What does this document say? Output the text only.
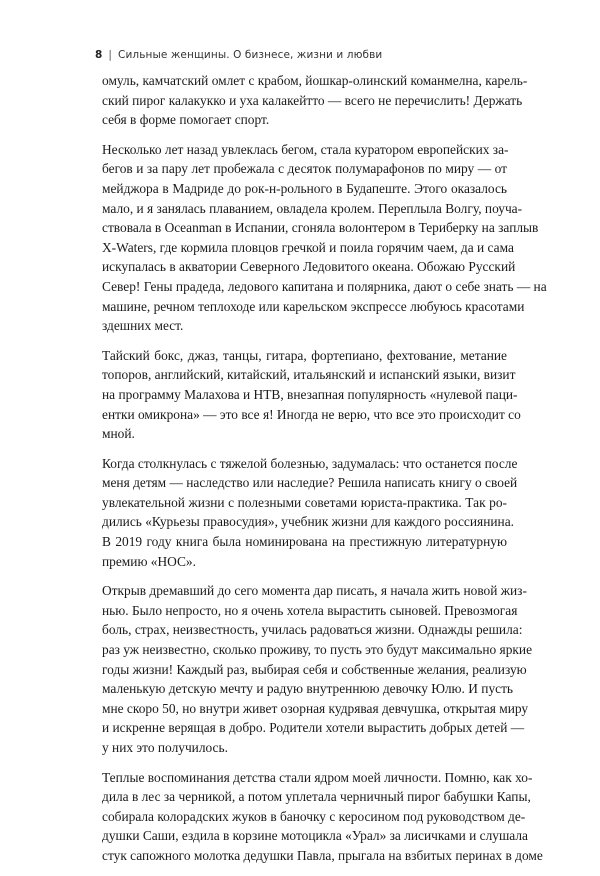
8 | Сильные женщины. О бизнесе, жизни и любви

омуль, камчатский омлет с крабом, йошкар-олинский команмелна, карель-
ский пирог калакукко и уха калакейтто — всего не перечислить! Держать
себя в форме помогает спорт.

Несколько лет назад увлеклась бегом, стала куратором европейских за-
бегов и за пару лет пробежала с десяток полумарафонов по миру — от
мейджора в Мадриде до рок-н-рольного в Будапеште. Этого оказалось
мало, и я занялась плаванием, овладела кролем. Переплыла Волгу, поуча-
ствовала в Oceanman в Испании, сгоняла волонтером в Териберку на заплыв
X-Waters, где кормила пловцов гречкой и поила горячим чаем, да и сама
искупалась в акватории Северного Ледовитого океана. Обожаю Русский
Север! Гены прадеда, ледового капитана и полярника, дают о себе знать — на
машине, речном теплоходе или карельском экспрессе любуюсь красотами
здешних мест.

Тайский бокс, джаз, танцы, гитара, фортепиано, фехтование, метание
топоров, английский, китайский, итальянский и испанский языки, визит
на программу Малахова и НТВ, внезапная популярность «нулевой паци-
ентки омикрона» — это все я! Иногда не верю, что все это происходит со
мной.

Когда столкнулась с тяжелой болезнью, задумалась: что останется после
меня детям — наследство или наследие? Решила написать книгу о своей
увлекательной жизни с полезными советами юриста-практика. Так ро-
дились «Курьезы правосудия», учебник жизни для каждого россиянина.
В 2019 году книга была номинирована на престижную литературную
премию «НОС».

Открыв дремавший до сего момента дар писать, я начала жить новой жиз-
нью. Было непросто, но я очень хотела вырастить сыновей. Превозмогая
боль, страх, неизвестность, училась радоваться жизни. Однажды решила:
раз уж неизвестно, сколько проживу, то пусть это будут максимально яркие
годы жизни! Каждый раз, выбирая себя и собственные желания, реализую
маленькую детскую мечту и радую внутреннюю девочку Юлю. И пусть
мне скоро 50, но внутри живет озорная кудрявая девчушка, открытая миру
и искренне верящая в добро. Родители хотели вырастить добрых детей —
у них это получилось.

Теплые воспоминания детства стали ядром моей личности. Помню, как хо-
дила в лес за черникой, а потом уплетала черничный пирог бабушки Капы,
собирала колорадских жуков в баночку с керосином под руководством де-
душки Саши, ездила в корзине мотоцикла «Урал» за лисичками и слушала
стук сапожного молотка дедушки Павла, прыгала на взбитых перинах в доме
